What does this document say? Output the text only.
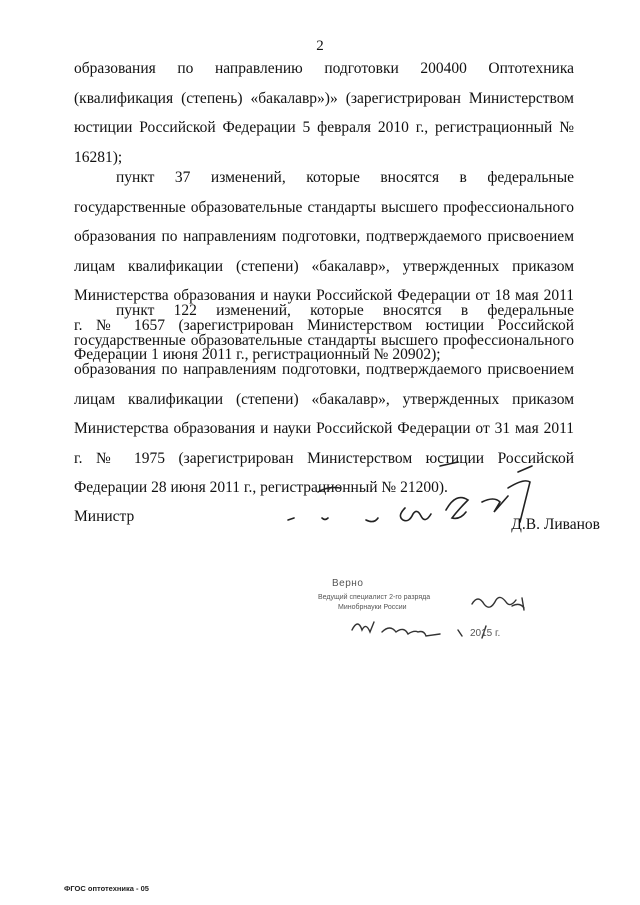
2
образования по направлению подготовки 200400 Оптотехника (квалификация (степень) «бакалавр»)» (зарегистрирован Министерством юстиции Российской Федерации 5 февраля 2010 г., регистрационный № 16281);
пункт 37 изменений, которые вносятся в федеральные государственные образовательные стандарты высшего профессионального образования по направлениям подготовки, подтверждаемого присвоением лицам квалификации (степени) «бакалавр», утвержденных приказом Министерства образования и науки Российской Федерации от 18 мая 2011 г. № 1657 (зарегистрирован Министерством юстиции Российской Федерации 1 июня 2011 г., регистрационный № 20902);
пункт 122 изменений, которые вносятся в федеральные государственные образовательные стандарты высшего профессионального образования по направлениям подготовки, подтверждаемого присвоением лицам квалификации (степени) «бакалавр», утвержденных приказом Министерства образования и науки Российской Федерации от 31 мая 2011 г. № 1975 (зарегистрирован Министерством юстиции Российской Федерации 28 июня 2011 г., регистрационный № 21200).
Министр	Д.В. Ливанов
Верно
Ведущий специалист 2-го разряда
Минобрнауки России
2015 г.
ФГОС оптотехника - 05
